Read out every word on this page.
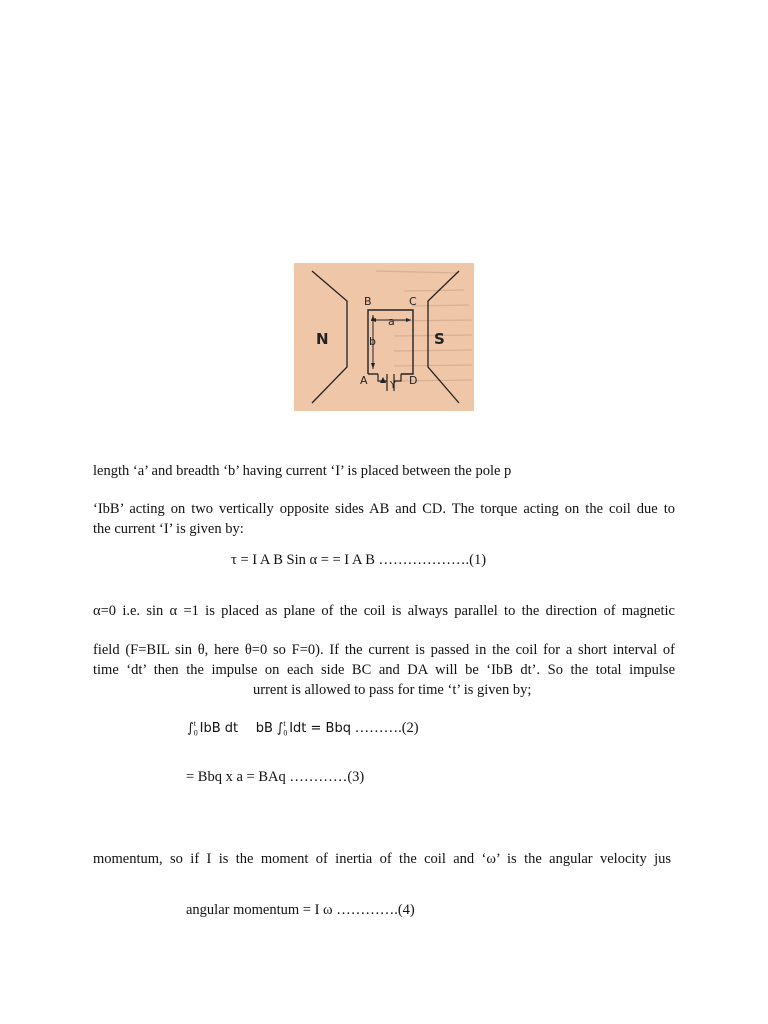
N	S
B	C
A	D
a
b
Y
length ‘a’ and breadth ‘b’ having current ‘I’ is placed between the pole p
‘IbB’ acting on two vertically opposite sides AB and CD. The torque acting on the coil due to
the current ‘I’ is given by:
τ = I A B Sin α = = I A B ……………….(1)
α=0 i.e. sin α =1 is placed as plane of the coil is always parallel to the direction of magnetic
field (F=BIL sin θ, here θ=0 so F=0). If the current is passed in the coil for a short interval of
time ‘dt’ then the impulse on each side BC and DA will be ‘IbB dt’. So the total impulse
urrent is allowed to pass for time ‘t’ is given by;
$\int_0^t$ IbB dt bB $\int_0^t$ Idt = Bbq ……….(2)
= Bbq x a = BAq …………(3)
momentum, so if I is the moment of inertia of the coil and ‘ω’ is the angular velocity jus
angular momentum = I ω ………….(4)
